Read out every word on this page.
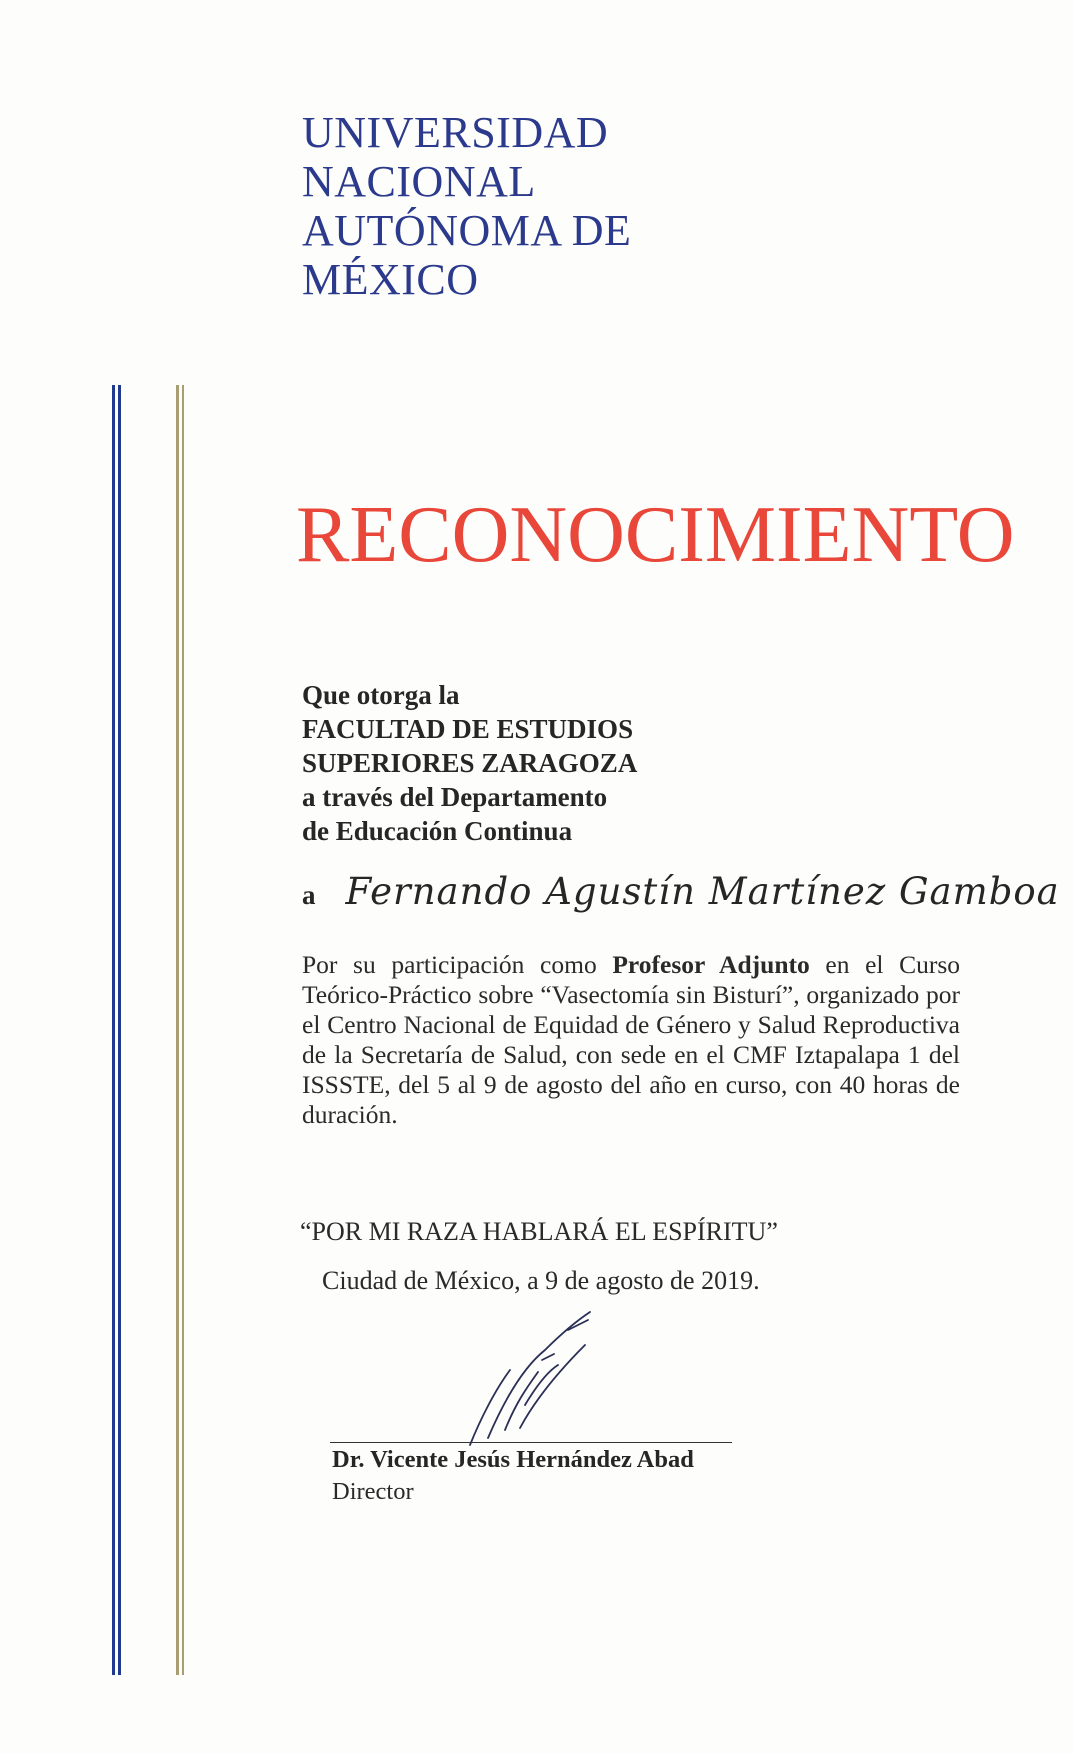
UNIVERSIDAD
NACIONAL
AUTÓNOMA DE
MÉXICO
RECONOCIMIENTO
Que otorga la
FACULTAD DE ESTUDIOS
SUPERIORES ZARAGOZA
a través del Departamento
de Educación Continua
a Fernando Agustín Martínez Gamboa
Por su participación como Profesor Adjunto en el Curso Teórico-Práctico sobre “Vasectomía sin Bisturí”, organizado por el Centro Nacional de Equidad de Género y Salud Reproductiva de la Secretaría de Salud, con sede en el CMF Iztapalapa 1 del ISSSTE, del 5 al 9 de agosto del año en curso, con 40 horas de duración.
“POR MI RAZA HABLARÁ EL ESPÍRITU”
Ciudad de México, a 9 de agosto de 2019.
Dr. Vicente Jesús Hernández Abad
Director
